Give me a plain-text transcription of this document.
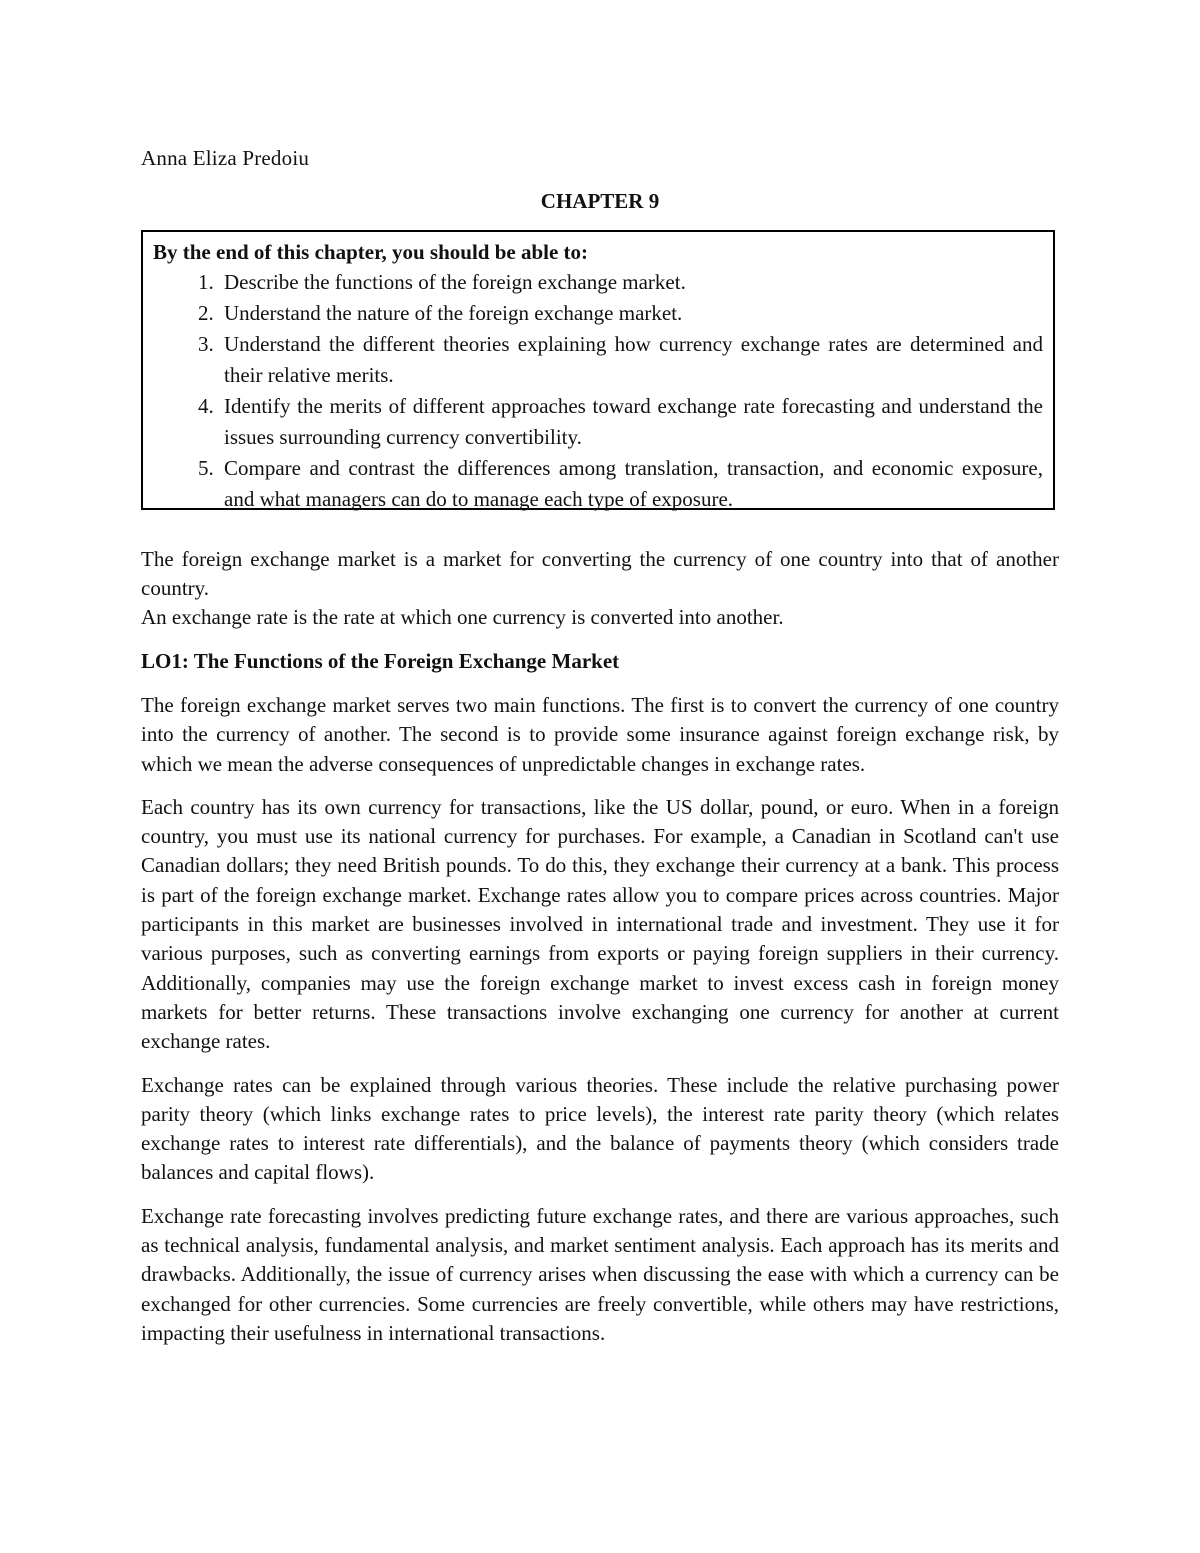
Anna Eliza Predoiu
CHAPTER 9

By the end of this chapter, you should be able to:

1. Describe the functions of the foreign exchange market.
2. Understand the nature of the foreign exchange market.
3. Understand the different theories explaining how currency exchange rates are determined and their relative merits.
4. Identify the merits of different approaches toward exchange rate forecasting and understand the issues surrounding currency convertibility.
5. Compare and contrast the differences among translation, transaction, and economic exposure, and what managers can do to manage each type of exposure.

The foreign exchange market is a market for converting the currency of one country into that of another country.

An exchange rate is the rate at which one currency is converted into another.

LO1: The Functions of the Foreign Exchange Market

The foreign exchange market serves two main functions. The first is to convert the currency of one country into the currency of another. The second is to provide some insurance against foreign exchange risk, by which we mean the adverse consequences of unpredictable changes in exchange rates.

Each country has its own currency for transactions, like the US dollar, pound, or euro. When in a foreign country, you must use its national currency for purchases. For example, a Canadian in Scotland can't use Canadian dollars; they need British pounds. To do this, they exchange their currency at a bank. This process is part of the foreign exchange market. Exchange rates allow you to compare prices across countries. Major participants in this market are businesses involved in international trade and investment. They use it for various purposes, such as converting earnings from exports or paying foreign suppliers in their currency. Additionally, companies may use the foreign exchange market to invest excess cash in foreign money markets for better returns. These transactions involve exchanging one currency for another at current exchange rates.

Exchange rates can be explained through various theories. These include the relative purchasing power parity theory (which links exchange rates to price levels), the interest rate parity theory (which relates exchange rates to interest rate differentials), and the balance of payments theory (which considers trade balances and capital flows).

Exchange rate forecasting involves predicting future exchange rates, and there are various approaches, such as technical analysis, fundamental analysis, and market sentiment analysis. Each approach has its merits and drawbacks. Additionally, the issue of currency arises when discussing the ease with which a currency can be exchanged for other currencies. Some currencies are freely convertible, while others may have restrictions, impacting their usefulness in international transactions.
